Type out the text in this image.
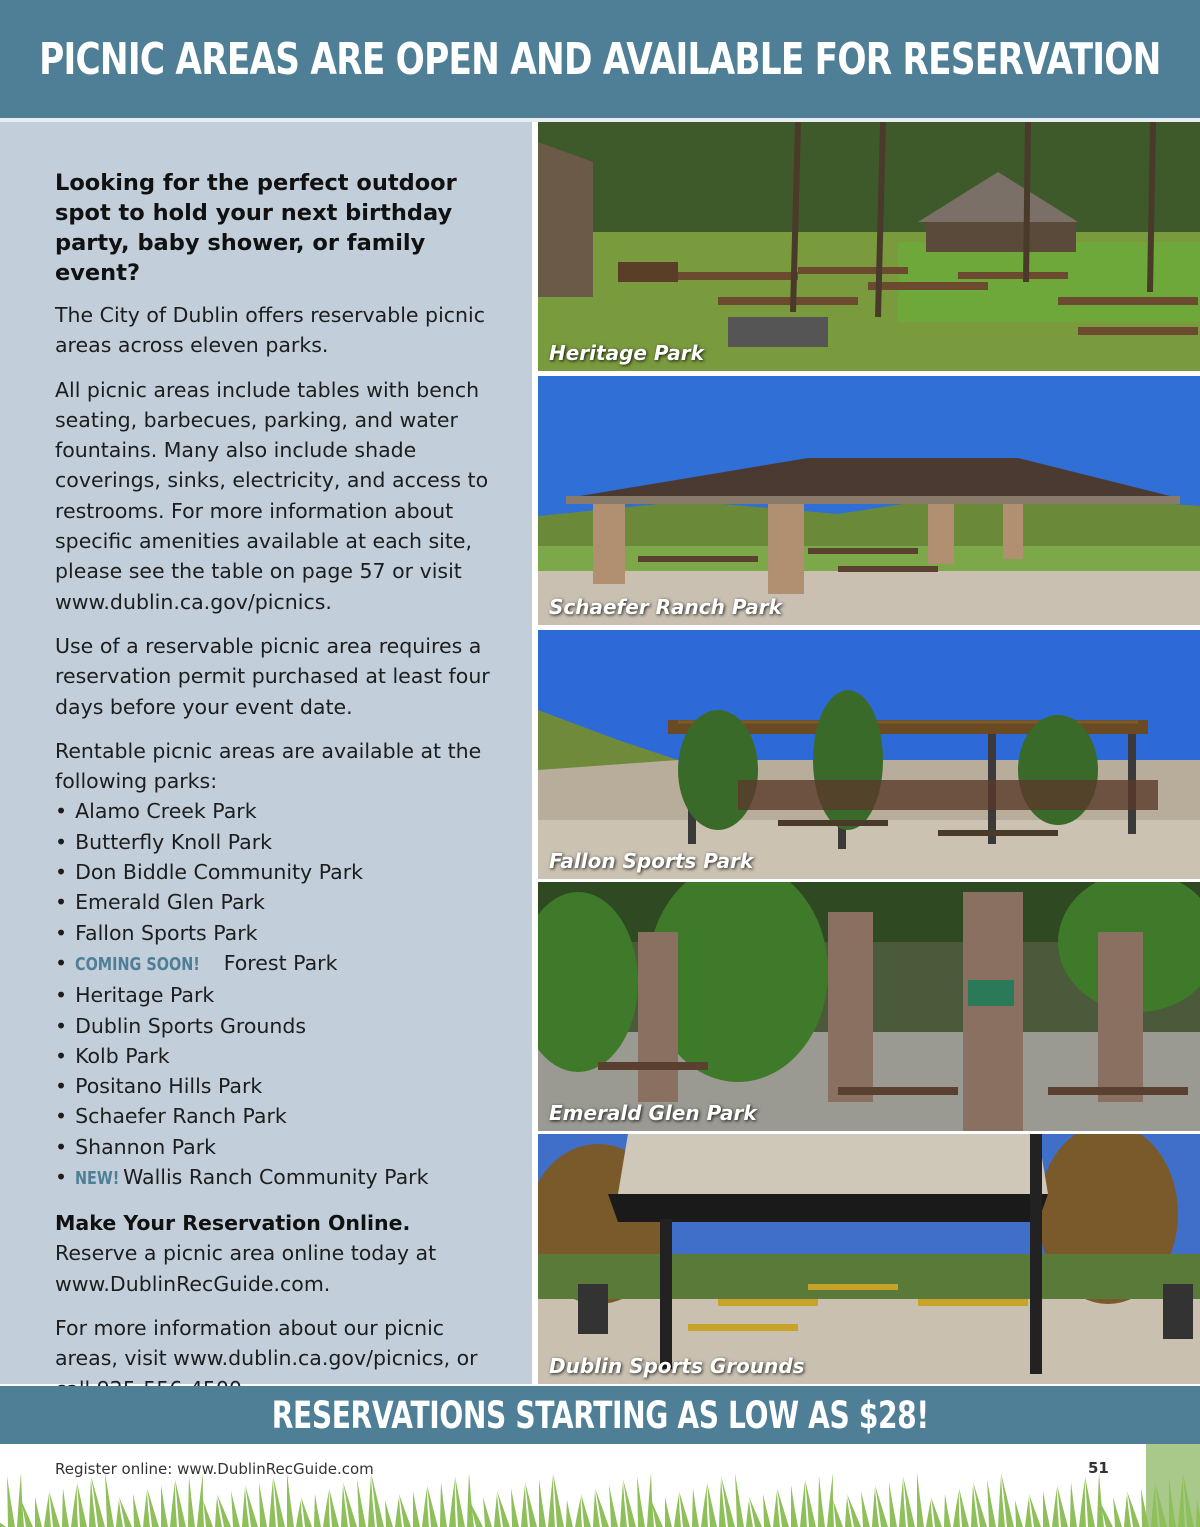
PICNIC AREAS ARE OPEN AND AVAILABLE FOR RESERVATION

Looking for the perfect outdoor spot to hold your next birthday party, baby shower, or family event?

The City of Dublin offers reservable picnic areas across eleven parks.

All picnic areas include tables with bench seating, barbecues, parking, and water fountains. Many also include shade coverings, sinks, electricity, and access to restrooms. For more information about specific amenities available at each site, please see the table on page 57 or visit www.dublin.ca.gov/picnics.

Use of a reservable picnic area requires a reservation permit purchased at least four days before your event date.

Rentable picnic areas are available at the following parks:

• Alamo Creek Park
• Butterfly Knoll Park
• Don Biddle Community Park
• Emerald Glen Park
• Fallon Sports Park
• COMING SOON! Forest Park
• Heritage Park
• Dublin Sports Grounds
• Kolb Park
• Positano Hills Park
• Schaefer Ranch Park
• Shannon Park
• NEW! Wallis Ranch Community Park

Make Your Reservation Online.

Reserve a picnic area online today at www.DublinRecGuide.com.

For more information about our picnic areas, visit www.dublin.ca.gov/picnics, or

Heritage Park
Schaefer Ranch Park
Fallon Sports Park
Emerald Glen Park
Dublin Sports Grounds
RESERVATIONS STARTING AS LOW AS $28!
Register online: www.DublinRecGuide.com	51
